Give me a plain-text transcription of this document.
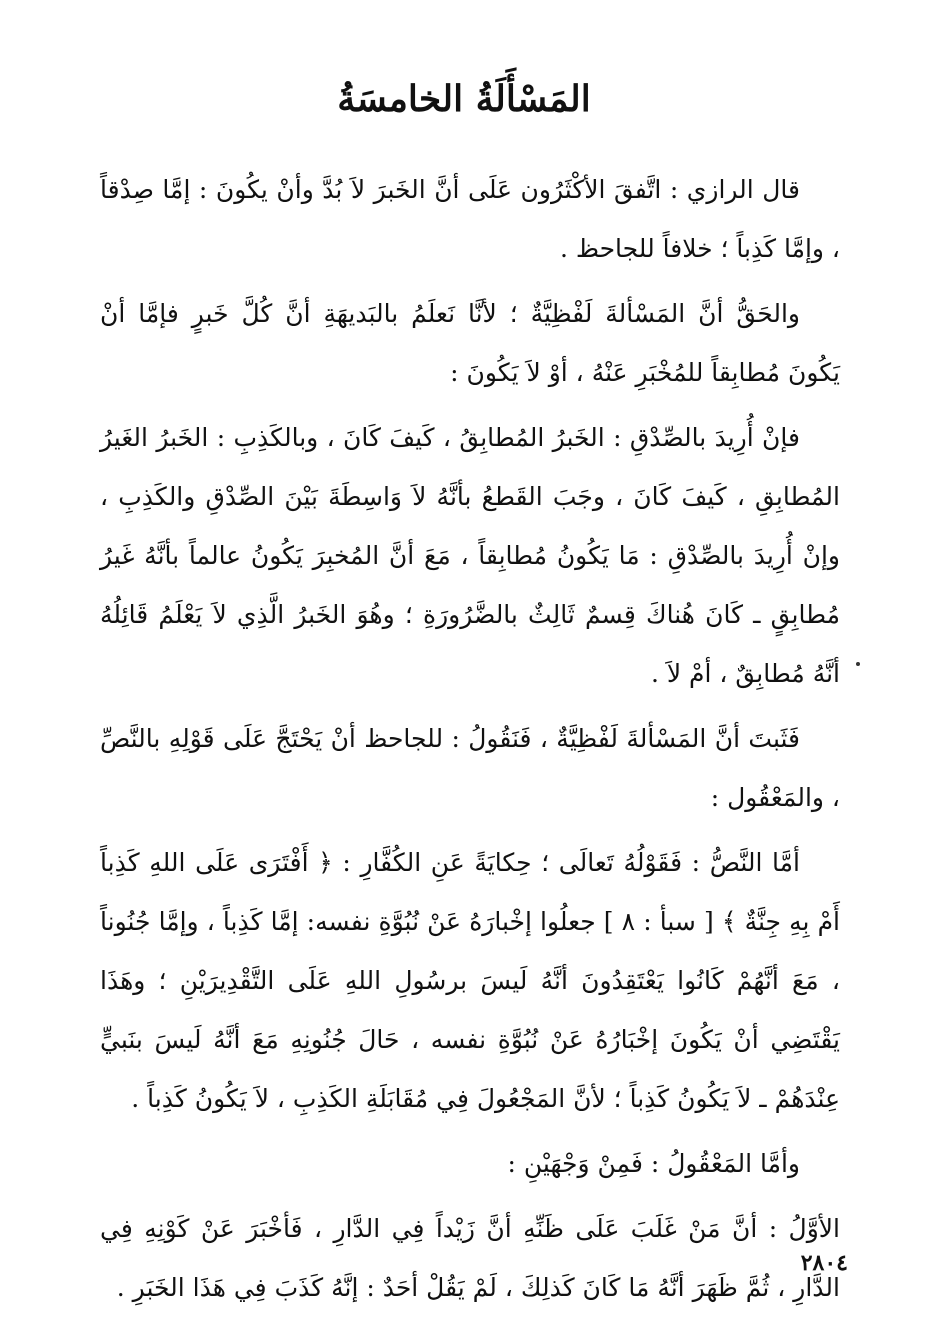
المَسْأَلَةُ الخامسَةُ

قال الرازي : اتَّفقَ الأكْثَرُون عَلَى أنَّ الخَبرَ لاَ بُدَّ وأنْ يكُونَ : إمَّا صِدْقاً ، وإمَّا كَذِباً ؛ خلافاً للجاحظ .

والحَقُّ أنَّ المَسْألةَ لَفْظِيَّةٌ ؛ لأنَّا نَعلَمُ بالبَديهَةِ أنَّ كُلَّ خَبرٍ فإمَّا أنْ يَكُونَ مُطابِقاً للمُخْبَرِ عَنْهُ ، أوْ لاَ يَكُونَ :

فإنْ أُرِيدَ بالصِّدْقِ : الخَبرُ المُطابِقُ ، كَيفَ كَانَ ، وبالكَذِبِ : الخَبرُ الغَيرُ المُطابِقِ ، كَيفَ كَانَ ، وجَبَ القَطعُ بأنَّهُ لاَ وَاسِطَةَ بَيْنَ الصِّدْقِ والكَذِبِ ، وإنْ أُرِيدَ بالصِّدْقِ : مَا يَكُونُ مُطابِقاً ، مَعَ أنَّ المُخبِرَ يَكُونُ عالماً بأنَّهُ غَيرُ مُطابِقٍ ـ كَانَ هُناكَ قِسمٌ ثَالِثٌ بالضَّرُورَةِ ؛ وهُوَ الخَبرُ الَّذِي لاَ يَعْلَمُ قَائِلُهُ أنَّهُ مُطابِقٌ ، أمْ لاَ .

فَثَبتَ أنَّ المَسْألةَ لَفْظِيَّةٌ ، فَنَقُولُ : للجاحظ أنْ يَحْتَجَّ عَلَى قَوْلِهِ بالنَّصِّ ، والمَعْقُول :

أمَّا النَّصُّ : فَقَوْلُهُ تَعالَى ؛ حِكايَةً عَنِ الكُفَّارِ : ﴿ أَفْتَرَى عَلَى اللهِ كَذِباً أَمْ بِهِ جِنَّةٌ ﴾ [ سبأ : ٨ ] جعلُوا إخْبارَهُ عَنْ نُبُوَّةِ نفسه: إمَّا كَذِباً ، وإمَّا جُنُوناً ، مَعَ أنَّهُمْ كَانُوا يَعْتَقِدُونَ أنَّهُ لَيسَ برسُولِ اللهِ عَلَى التَّقْدِيرَيْنِ ؛ وهَذَا يَقْتَضِي أنْ يَكُونَ إخْبَارُهُ عَنْ نُبُوَّةِ نفسه ، حَالَ جُنُونِهِ مَعَ أنَّهُ لَيسَ بنَبيٍّ عِنْدَهُمْ ـ لاَ يَكُونُ كَذِباً ؛ لأنَّ المَجْعُولَ فِي مُقَابَلَةِ الكَذِبِ ، لاَ يَكُونُ كَذِباً .

وأمَّا المَعْقُولُ : فَمِنْ وَجْهَيْنِ :

الأوَّلُ : أنَّ مَنْ غَلَبَ عَلَى ظَنِّهِ أنَّ زَيْداً فِي الدَّارِ ، فَأخْبَرَ عَنْ كَوْنِهِ فِي الدَّارِ ، ثُمَّ ظَهَرَ أنَّهُ مَا كَانَ كَذلِكَ ، لَمْ يَقُلْ أحَدٌ : إنَّهُ كَذَبَ فِي هَذَا الخَبَرِ .

٢٨٠٤
